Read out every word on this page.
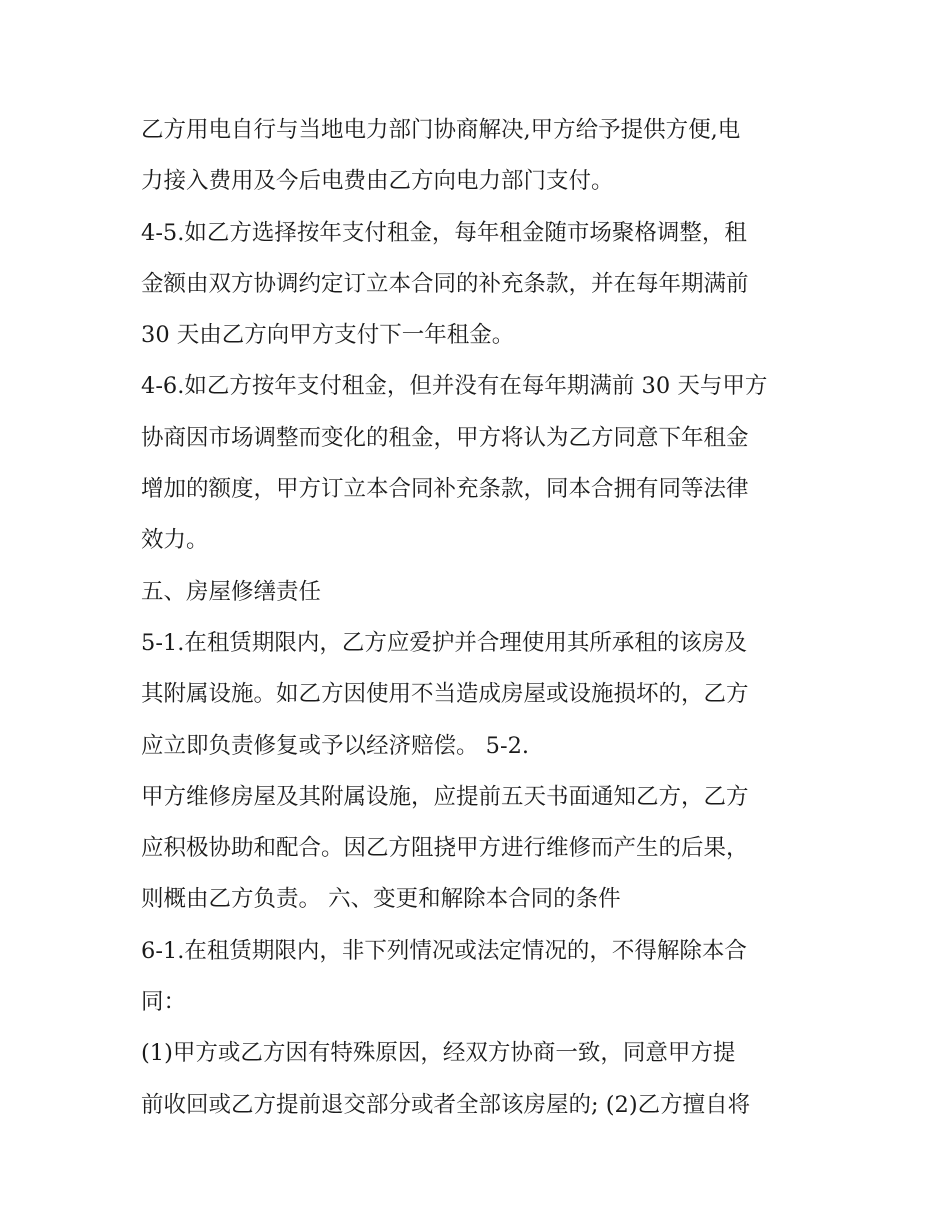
乙方用电自行与当地电力部门协商解决,甲方给予提供方便,电
力接入费用及今后电费由乙方向电力部门支付。
4-5.如乙方选择按年支付租金，每年租金随市场聚格调整，租
金额由双方协调约定订立本合同的补充条款，并在每年期满前
30 天由乙方向甲方支付下一年租金。
4-6.如乙方按年支付租金，但并没有在每年期满前 30 天与甲方
协商因市场调整而变化的租金，甲方将认为乙方同意下年租金
增加的额度，甲方订立本合同补充条款，同本合拥有同等法律
效力。
五、房屋修缮责任
5-1.在租赁期限内，乙方应爱护并合理使用其所承租的该房及
其附属设施。如乙方因使用不当造成房屋或设施损坏的，乙方
应立即负责修复或予以经济赔偿。 5-2.
甲方维修房屋及其附属设施，应提前五天书面通知乙方，乙方
应积极协助和配合。因乙方阻挠甲方进行维修而产生的后果，
则概由乙方负责。 六、变更和解除本合同的条件
6-1.在租赁期限内，非下列情况或法定情况的，不得解除本合
同：
(1)甲方或乙方因有特殊原因，经双方协商一致，同意甲方提
前收回或乙方提前退交部分或者全部该房屋的; (2)乙方擅自将
